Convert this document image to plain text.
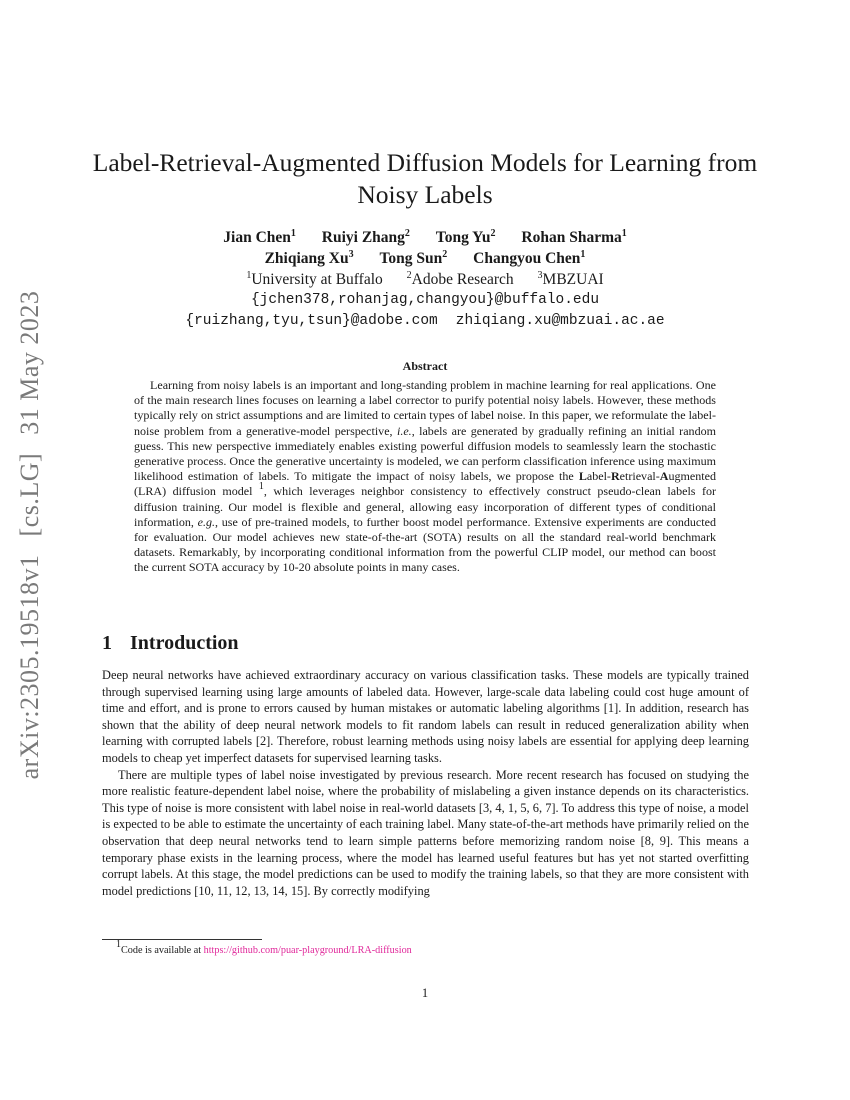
arXiv:2305.19518v1[cs.LG]31 May 2023
Label-Retrieval-Augmented Diffusion Models for Learning from Noisy Labels
Jian Chen$^1$ Ruiyi Zhang$^2$ Tong Yu$^2$ Rohan Sharma$^1$
Zhiqiang Xu$^3$ Tong Sun$^2$ Changyou Chen$^1$
$^1$University at Buffalo $^2$Adobe Research $^3$MBZUAI
{jchen378,rohanjag,changyou}@buffalo.edu
{ruizhang,tyu,tsun}@adobe.com zhiqiang.xu@mbzuai.ac.ae
Abstract

Learning from noisy labels is an important and long-standing problem in machine learning for real applications. One of the main research lines focuses on learning a label corrector to purify potential noisy labels. However, these methods typically rely on strict assumptions and are limited to certain types of label noise. In this paper, we reformulate the label-noise problem from a generative-model perspective, i.e., labels are generated by gradually refining an initial random guess. This new perspective immediately enables existing powerful diffusion models to seamlessly learn the stochastic generative process. Once the generative uncertainty is modeled, we can perform classification inference using maximum likelihood estimation of labels. To mitigate the impact of noisy labels, we propose the Label-Retrieval-Augmented (LRA) diffusion model $^1$, which leverages neighbor consistency to effectively construct pseudo-clean labels for diffusion training. Our model is flexible and general, allowing easy incorporation of different types of conditional information, e.g., use of pre-trained models, to further boost model performance. Extensive experiments are conducted for evaluation. Our model achieves new state-of-the-art (SOTA) results on all the standard real-world benchmark datasets. Remarkably, by incorporating conditional information from the powerful CLIP model, our method can boost the current SOTA accuracy by 10-20 absolute points in many cases.

1 Introduction

Deep neural networks have achieved extraordinary accuracy on various classification tasks. These models are typically trained through supervised learning using large amounts of labeled data. However, large-scale data labeling could cost huge amount of time and effort, and is prone to errors caused by human mistakes or automatic labeling algorithms [1]. In addition, research has shown that the ability of deep neural network models to fit random labels can result in reduced generalization ability when learning with corrupted labels [2]. Therefore, robust learning methods using noisy labels are essential for applying deep learning models to cheap yet imperfect datasets for supervised learning tasks.

There are multiple types of label noise investigated by previous research. More recent research has focused on studying the more realistic feature-dependent label noise, where the probability of mislabeling a given instance depends on its characteristics. This type of noise is more consistent with label noise in real-world datasets [3, 4, 1, 5, 6, 7]. To address this type of noise, a model is expected to be able to estimate the uncertainty of each training label. Many state-of-the-art methods have primarily relied on the observation that deep neural networks tend to learn simple patterns before memorizing random noise [8, 9]. This means a temporary phase exists in the learning process, where the model has learned useful features but has yet not started overfitting corrupt labels. At this stage, the model predictions can be used to modify the training labels, so that they are more consistent with model predictions [10, 11, 12, 13, 14, 15]. By correctly modifying

$^1$Code is available at https://github.com/puar-playground/LRA-diffusion
1
